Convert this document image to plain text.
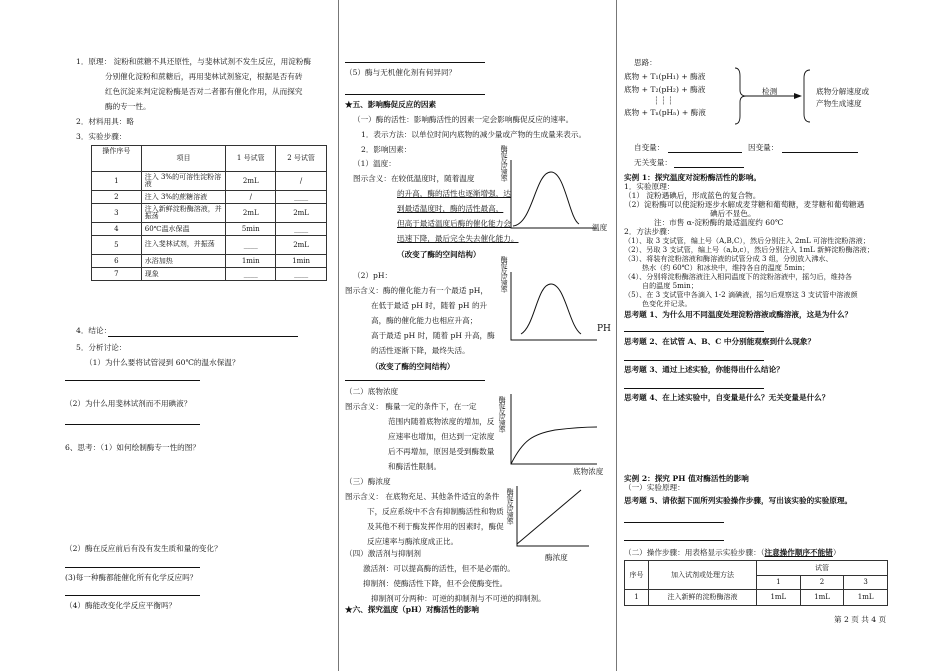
1．原理： 淀粉和蔗糖不具还原性，与斐林试剂不发生反应，用淀粉酶
分别催化淀粉和蔗糖后，再用斐林试剂鉴定，根据是否有砖
红色沉淀来判定淀粉酶是否对二者都有催化作用，从而探究
酶的专一性。
2．材料用具：略
3．实验步骤：
操作序号	项目	1 号试管	2 号试管
1	注入 3%的可溶性淀粉溶液	2mL	/
2	注入 3%的蔗糖溶液	/	____
3	注入新鲜淀粉酶溶液，并振荡	2mL	2mL
4	60℃温水保温	5min	____
5	注入斐林试剂，并振荡	____	2mL
6	水浴加热	1min	1min
7	现象	____	____
4．结论：
5．分析讨论：
（1）为什么要将试管浸到 60℃的温水保温？
（2）为什么用斐林试剂而不用碘液？
6、思考：（1）如何绘制酶专一性的图？
（2）酶在反应前后有没有发生质和量的变化？
(3)每一种酶都能催化所有化学反应吗？
（4）酶能改变化学反应平衡吗？
（5）酶与无机催化剂有何异同？
★五、影响酶促反应的因素
（一）酶的活性：影响酶活性的因素一定会影响酶促反应的速率。
1．表示方法：以单位时间内底物的减少量或产物的生成量来表示。
2．影响因素：
（1）温度：
图示含义：在较低温度时，随着温度
的升高，酶的活性也逐渐增强，达
到最适温度时，酶的活性最高，
但高于最适温度后酶的催化能力会
迅速下降，最后完全失去催化能力。
（改变了酶的空间结构）
（2）pH：
图示含义：酶的催化能力有一个最适 pH，
在低于最适 pH 时，随着 pH 的升
高，酶的催化能力也相应升高；
高于最适 pH 时，随着 pH 升高，酶
的活性逐渐下降，最终失活。
（改变了酶的空间结构）
（二）底物浓度
图示含义： 酶量一定的条件下，在一定
范围内随着底物浓度的增加，反
应速率也增加，但达到一定浓度
后不再增加，原因是受到酶数量
和酶活性限制。
（三）酶浓度
图示含义： 在底物充足、其他条件适宜的条件
下，反应系统中不含有抑制酶活性和物质
及其他不利于酶发挥作用的因素时，酶促
反应速率与酶浓度成正比。
（四）激活剂与抑制剂
激活剂：可以提高酶的活性，但不是必需的。
抑制剂：使酶活性下降，但不会使酶变性。
抑制剂可分两种：可逆的抑制剂与不可逆的抑制剂。
★六、探究温度（pH）对酶活性的影响
酶促反应速率
温度
酶促反应速率
PH
酶促反应速率
底物浓度
酶促反应速率
酶浓度
思路：
底物 + T₁(pH₁) + 酶液
底物 + T₂(pH₂) + 酶液
┆ ┆ ┆
底物 + Tₙ(pHₙ) + 酶液
检测	底物分解速度或
产物生成速度
自变量：	因变量：
无关变量：
实例 1：探究温度对淀粉酶活性的影响。
1．实验原理：
（1） 淀粉遇碘后，形成蓝色的复合物。
（2）淀粉酶可以使淀粉逐步水解成麦芽糖和葡萄糖，麦芽糖和葡萄糖遇
碘后不显色。
注：市售 α-淀粉酶的最适温度约 60℃
2．方法步骤：
（1）、取 3 支试管，编上号（A,B,C），然后分别注入 2mL 可溶性淀粉溶液；
（2）、另取 3 支试管，编上号（a,b,c），然后分别注入 1mL 新鲜淀粉酶溶液；
（3）、将装有淀粉溶液和酶溶液的试管分成 3 组，分别放入沸水、
热水（约 60℃）和冰块中，维持各自的温度 5min；
（4）、分别将淀粉酶溶液注入相同温度下的淀粉溶液中，摇匀后，维持各
自的温度 5min；
（5）、在 3 支试管中各滴入 1-2 滴碘液，摇匀后观察这 3 支试管中溶液颜
色变化并记录。
思考题 1、为什么用不同温度处理淀粉溶液或酶溶液，这是为什么？
思考题 2、在试管 A、B、C 中分别能观察到什么现象？
思考题 3、通过上述实验，你能得出什么结论？
思考题 4、在上述实验中，自变量是什么？无关变量是什么？
实例 2：探究 PH 值对酶活性的影响
（一）实验原理：
思考题 5、请依据下面所列实验操作步骤，写出该实验的实验原理。
（二）操作步骤：用表格显示实验步骤：（注意操作顺序不能错）
序号	加入试剂或处理方法	试管		
		1	2	3
1	注入新鲜的淀粉酶溶液	1mL	1mL	1mL
第 2 页 共 4 页
